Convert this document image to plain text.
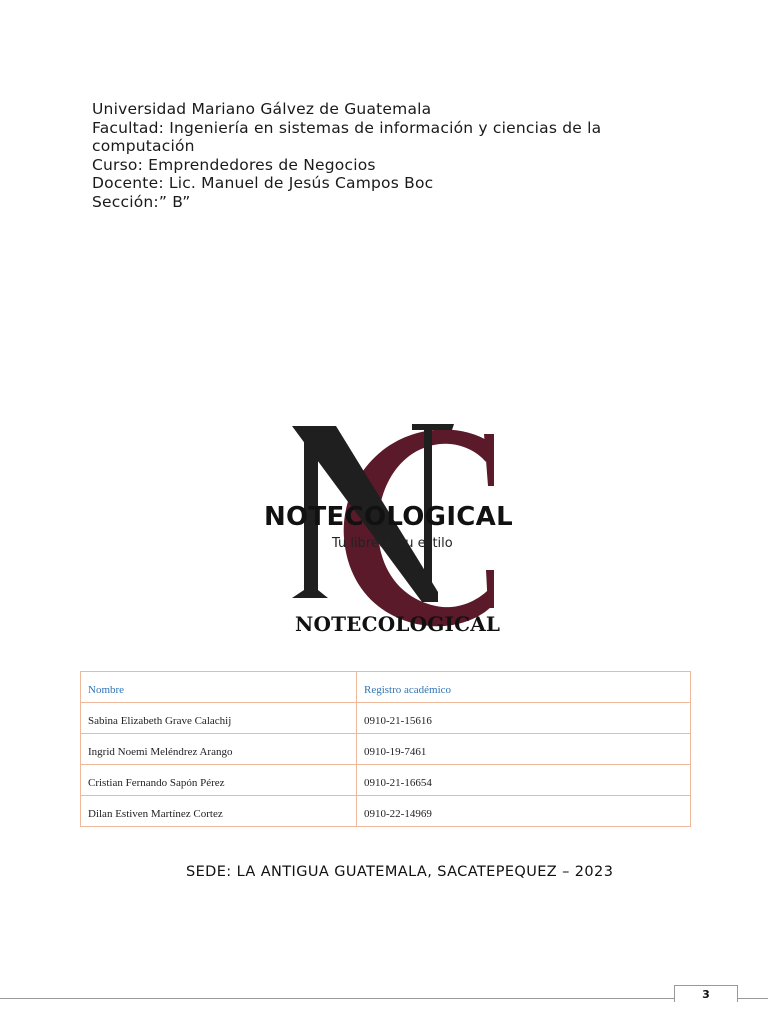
Universidad Mariano Gálvez de Guatemala
Facultad: Ingeniería en sistemas de información y ciencias de la computación
Curso: Emprendedores de Negocios
Docente: Lic. Manuel de Jesús Campos Boc
Sección:” B”
NOTECOLOGICAL
Tu libreta, tu estilo
NOTECOLOGICAL
Nombre	Registro académico
Sabina Elizabeth Grave Calachij	0910-21-15616
Ingrid Noemi Meléndrez Arango	0910-19-7461
Cristian Fernando Sapón Pérez	0910-21-16654
Dilan Estiven Martínez Cortez	0910-22-14969
SEDE: LA ANTIGUA GUATEMALA, SACATEPEQUEZ – 2023
3
